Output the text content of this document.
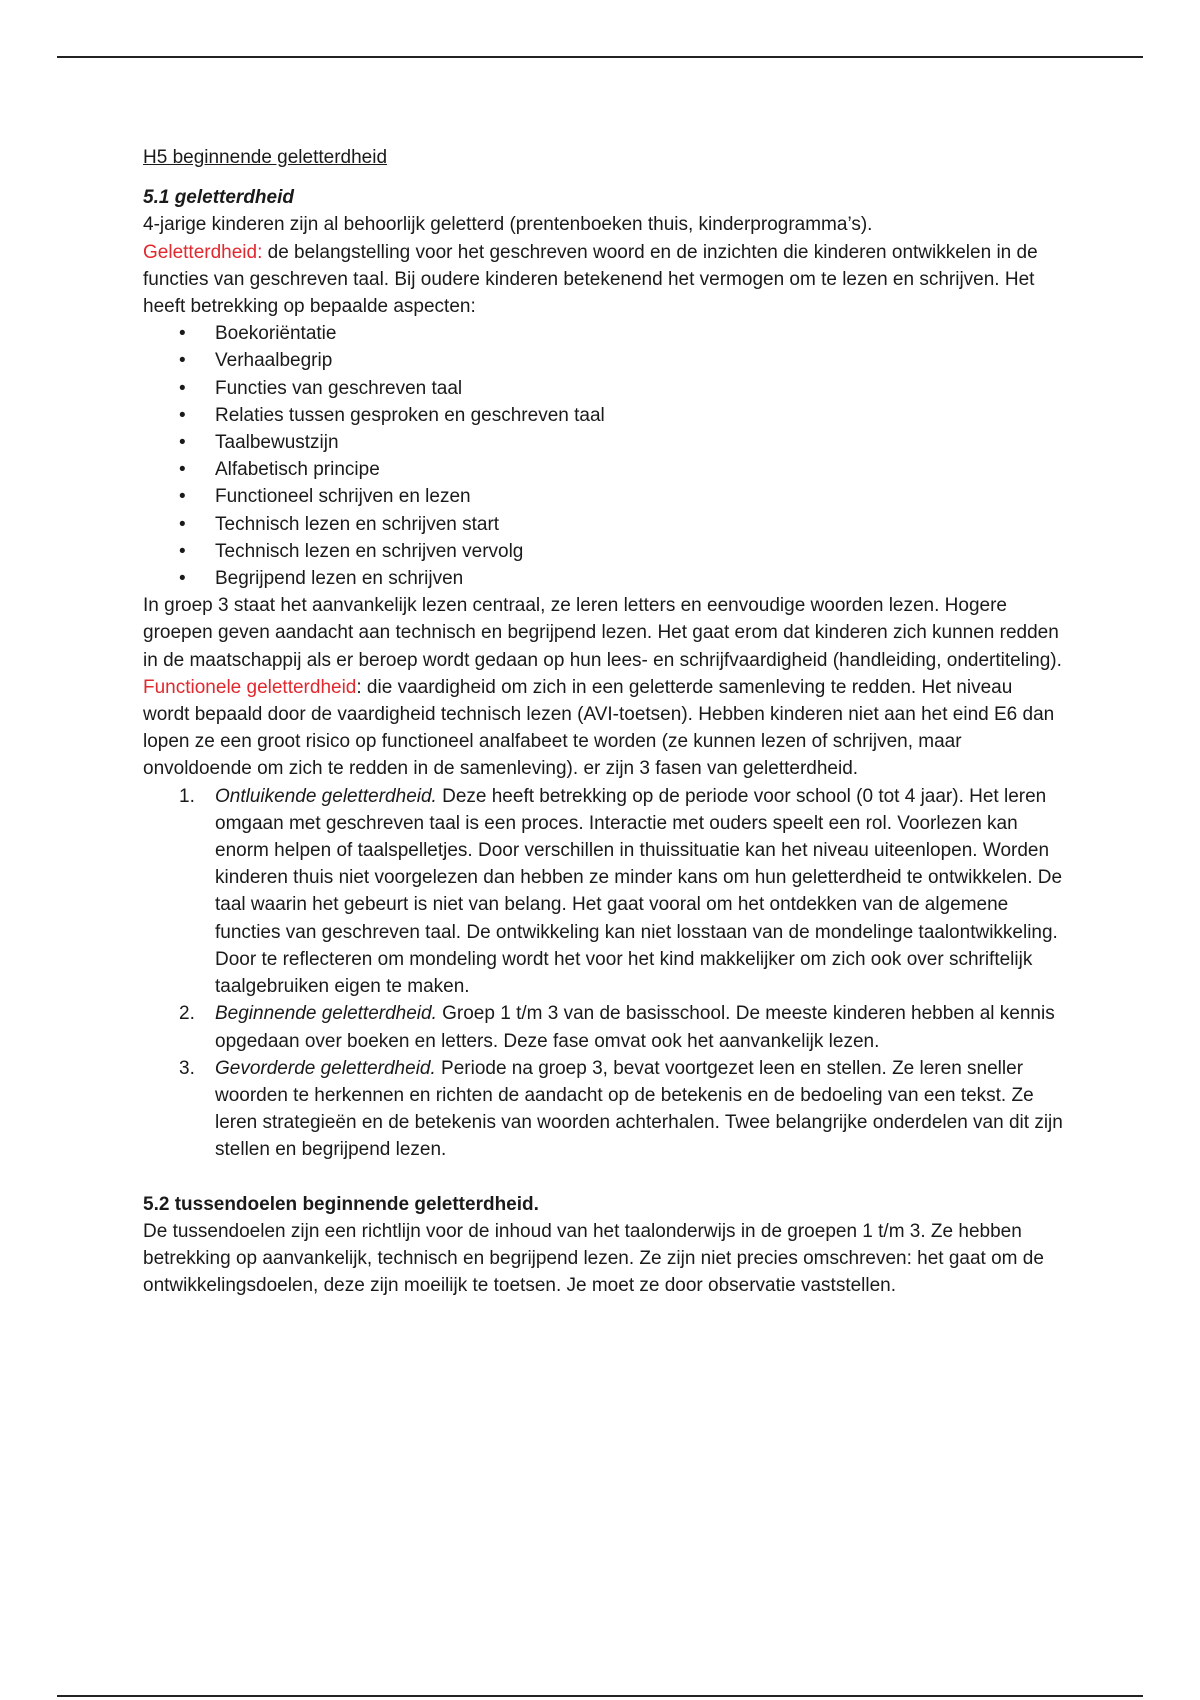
H5 beginnende geletterdheid

5.1 geletterdheid

4-jarige kinderen zijn al behoorlijk geletterd (prentenboeken thuis, kinderprogramma’s).

Geletterdheid: de belangstelling voor het geschreven woord en de inzichten die kinderen ontwikkelen in de functies van geschreven taal. Bij oudere kinderen betekenend het vermogen om te lezen en schrijven. Het heeft betrekking op bepaalde aspecten:

• Boekoriëntatie
• Verhaalbegrip
• Functies van geschreven taal
• Relaties tussen gesproken en geschreven taal
• Taalbewustzijn
• Alfabetisch principe
• Functioneel schrijven en lezen
• Technisch lezen en schrijven start
• Technisch lezen en schrijven vervolg
• Begrijpend lezen en schrijven

In groep 3 staat het aanvankelijk lezen centraal, ze leren letters en eenvoudige woorden lezen. Hogere groepen geven aandacht aan technisch en begrijpend lezen. Het gaat erom dat kinderen zich kunnen redden in de maatschappij als er beroep wordt gedaan op hun lees- en schrijfvaardigheid (handleiding, ondertiteling). Functionele geletterdheid: die vaardigheid om zich in een geletterde samenleving te redden. Het niveau wordt bepaald door de vaardigheid technisch lezen (AVI-toetsen). Hebben kinderen niet aan het eind E6 dan lopen ze een groot risico op functioneel analfabeet te worden (ze kunnen lezen of schrijven, maar onvoldoende om zich te redden in de samenleving). er zijn 3 fasen van geletterdheid.

1. Ontluikende geletterdheid. Deze heeft betrekking op de periode voor school (0 tot 4 jaar). Het leren omgaan met geschreven taal is een proces. Interactie met ouders speelt een rol. Voorlezen kan enorm helpen of taalspelletjes. Door verschillen in thuissituatie kan het niveau uiteenlopen. Worden kinderen thuis niet voorgelezen dan hebben ze minder kans om hun geletterdheid te ontwikkelen. De taal waarin het gebeurt is niet van belang. Het gaat vooral om het ontdekken van de algemene functies van geschreven taal. De ontwikkeling kan niet losstaan van de mondelinge taalontwikkeling. Door te reflecteren om mondeling wordt het voor het kind makkelijker om zich ook over schriftelijk taalgebruiken eigen te maken.
2. Beginnende geletterdheid. Groep 1 t/m 3 van de basisschool. De meeste kinderen hebben al kennis opgedaan over boeken en letters. Deze fase omvat ook het aanvankelijk lezen.
3. Gevorderde geletterdheid. Periode na groep 3, bevat voortgezet leen en stellen. Ze leren sneller woorden te herkennen en richten de aandacht op de betekenis en de bedoeling van een tekst. Ze leren strategieën en de betekenis van woorden achterhalen. Twee belangrijke onderdelen van dit zijn stellen en begrijpend lezen.

5.2 tussendoelen beginnende geletterdheid.

De tussendoelen zijn een richtlijn voor de inhoud van het taalonderwijs in de groepen 1 t/m 3. Ze hebben betrekking op aanvankelijk, technisch en begrijpend lezen. Ze zijn niet precies omschreven: het gaat om de ontwikkelingsdoelen, deze zijn moeilijk te toetsen. Je moet ze door observatie vaststellen.
